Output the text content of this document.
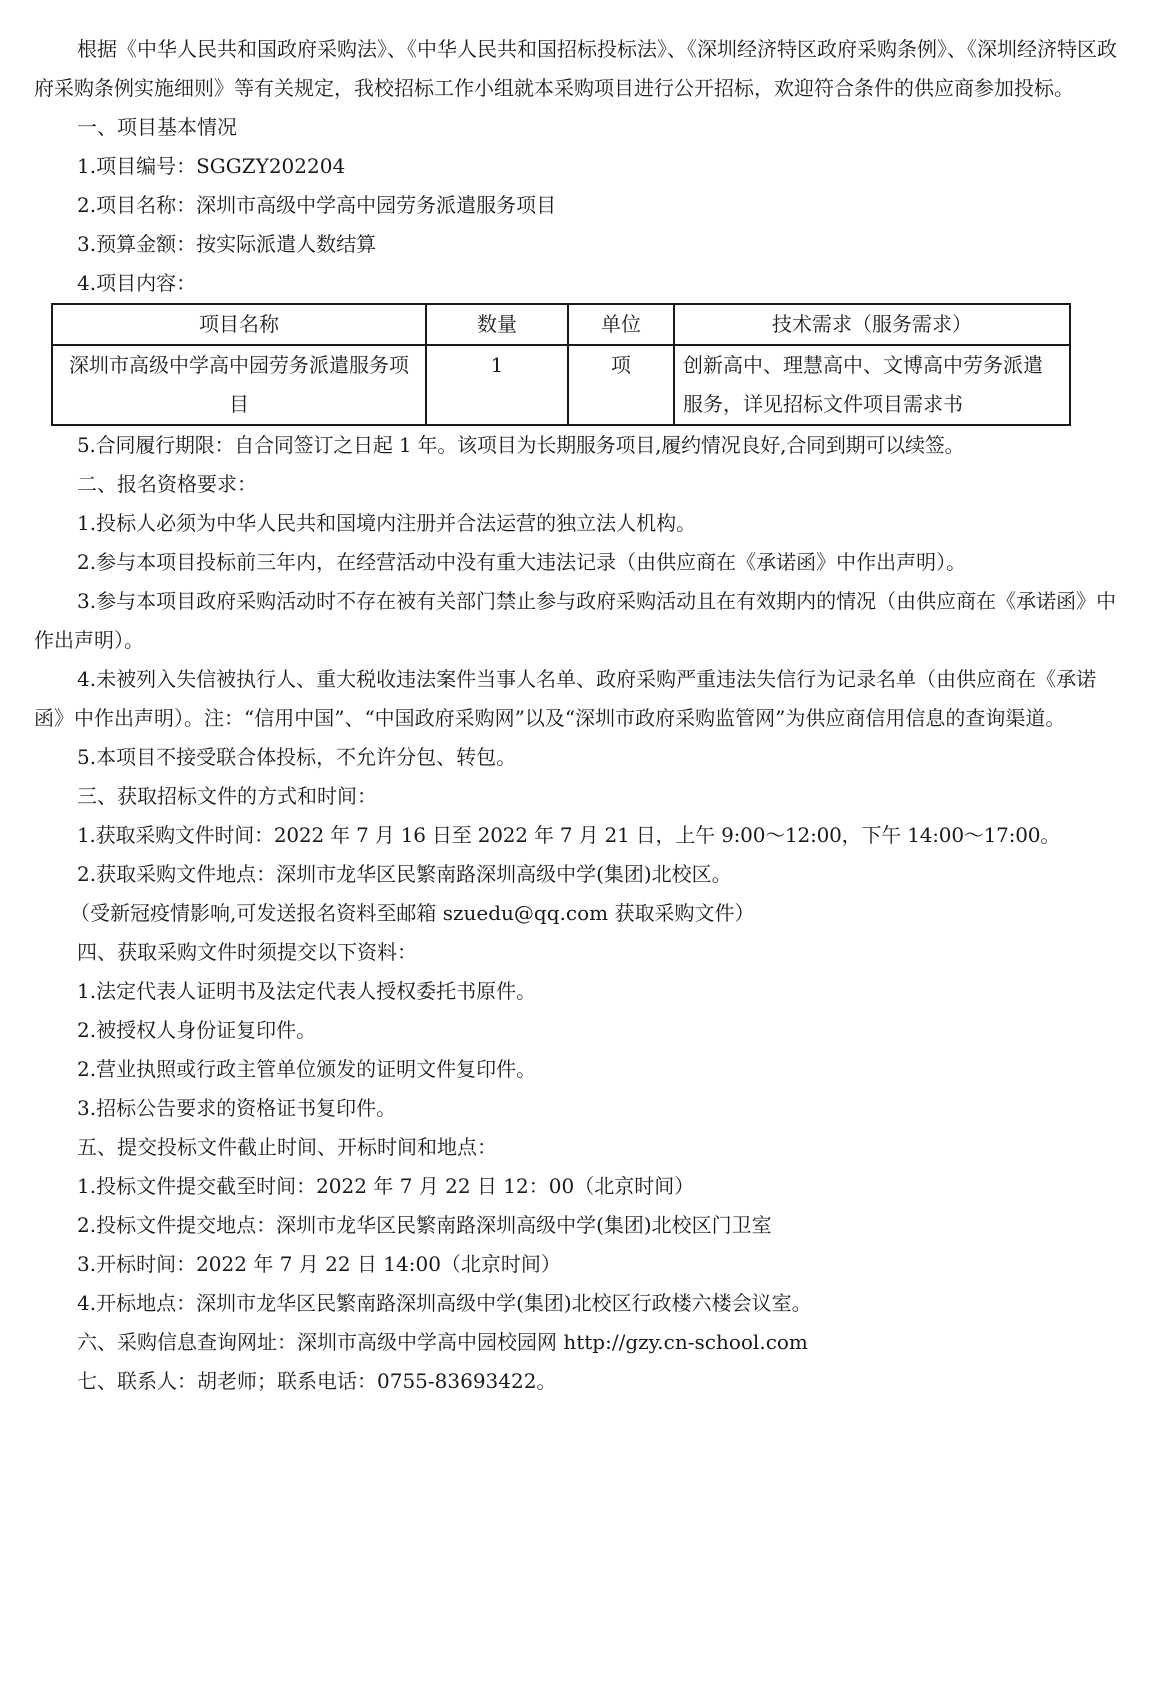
根据《中华人民共和国政府采购法》、《中华人民共和国招标投标法》、《深圳经济特区政府采购条例》、《深圳经济特区政府采购条例实施细则》等有关规定，我校招标工作小组就本采购项目进行公开招标，欢迎符合条件的供应商参加投标。

一、项目基本情况

1.项目编号：SGGZY202204

2.项目名称：深圳市高级中学高中园劳务派遣服务项目

3.预算金额：按实际派遣人数结算

4.项目内容：

项目名称	数量	单位	技术需求（服务需求）
深圳市高级中学高中园劳务派遣服务项目	1	项	创新高中、理慧高中、文博高中劳务派遣服务，详见招标文件项目需求书

5.合同履行期限：自合同签订之日起 1 年。该项目为长期服务项目,履约情况良好,合同到期可以续签。

二、报名资格要求：

1.投标人必须为中华人民共和国境内注册并合法运营的独立法人机构。

2.参与本项目投标前三年内，在经营活动中没有重大违法记录（由供应商在《承诺函》中作出声明）。

3.参与本项目政府采购活动时不存在被有关部门禁止参与政府采购活动且在有效期内的情况（由供应商在《承诺函》中作出声明）。

4.未被列入失信被执行人、重大税收违法案件当事人名单、政府采购严重违法失信行为记录名单（由供应商在《承诺函》中作出声明）。注：“信用中国”、“中国政府采购网”以及“深圳市政府采购监管网”为供应商信用信息的查询渠道。

5.本项目不接受联合体投标，不允许分包、转包。

三、获取招标文件的方式和时间：

1.获取采购文件时间：2022 年 7 月 16 日至 2022 年 7 月 21 日，上午 9:00～12:00，下午 14:00～17:00。

2.获取采购文件地点：深圳市龙华区民繁南路深圳高级中学(集团)北校区。

（受新冠疫情影响,可发送报名资料至邮箱 szuedu@qq.com 获取采购文件）

四、获取采购文件时须提交以下资料：

1.法定代表人证明书及法定代表人授权委托书原件。

2.被授权人身份证复印件。

2.营业执照或行政主管单位颁发的证明文件复印件。

3.招标公告要求的资格证书复印件。

五、提交投标文件截止时间、开标时间和地点：

1.投标文件提交截至时间：2022 年 7 月 22 日 12：00（北京时间）

2.投标文件提交地点：深圳市龙华区民繁南路深圳高级中学(集团)北校区门卫室

3.开标时间：2022 年 7 月 22 日 14:00（北京时间）

4.开标地点：深圳市龙华区民繁南路深圳高级中学(集团)北校区行政楼六楼会议室。

六、采购信息查询网址：深圳市高级中学高中园校园网 http://gzy.cn-school.com

七、联系人：胡老师；联系电话：0755-83693422。
